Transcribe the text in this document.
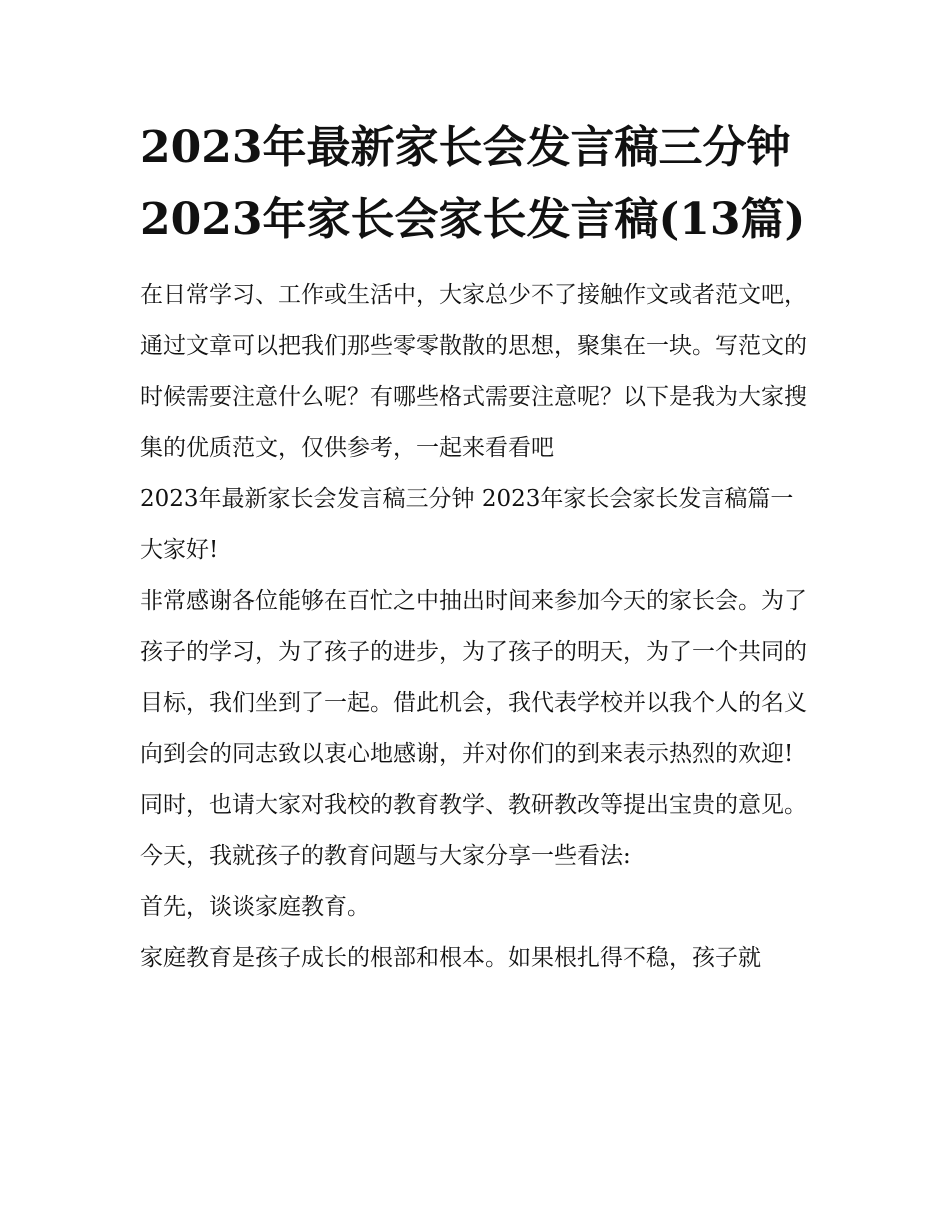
2023年最新家长会发言稿三分钟 2023年家长会家长发言稿(13篇)

在日常学习、工作或生活中，大家总少不了接触作文或者范文吧，通过文章可以把我们那些零零散散的思想，聚集在一块。写范文的时候需要注意什么呢？有哪些格式需要注意呢？以下是我为大家搜集的优质范文，仅供参考，一起来看看吧

2023年最新家长会发言稿三分钟 2023年家长会家长发言稿篇一 大家好!

非常感谢各位能够在百忙之中抽出时间来参加今天的家长会。为了孩子的学习，为了孩子的进步，为了孩子的明天，为了一个共同的目标，我们坐到了一起。借此机会，我代表学校并以我个人的名义向到会的同志致以衷心地感谢，并对你们的到来表示热烈的欢迎!同时，也请大家对我校的教育教学、教研教改等提出宝贵的意见。今天，我就孩子的教育问题与大家分享一些看法:

首先，谈谈家庭教育。

家庭教育是孩子成长的根部和根本。如果根扎得不稳，孩子就
